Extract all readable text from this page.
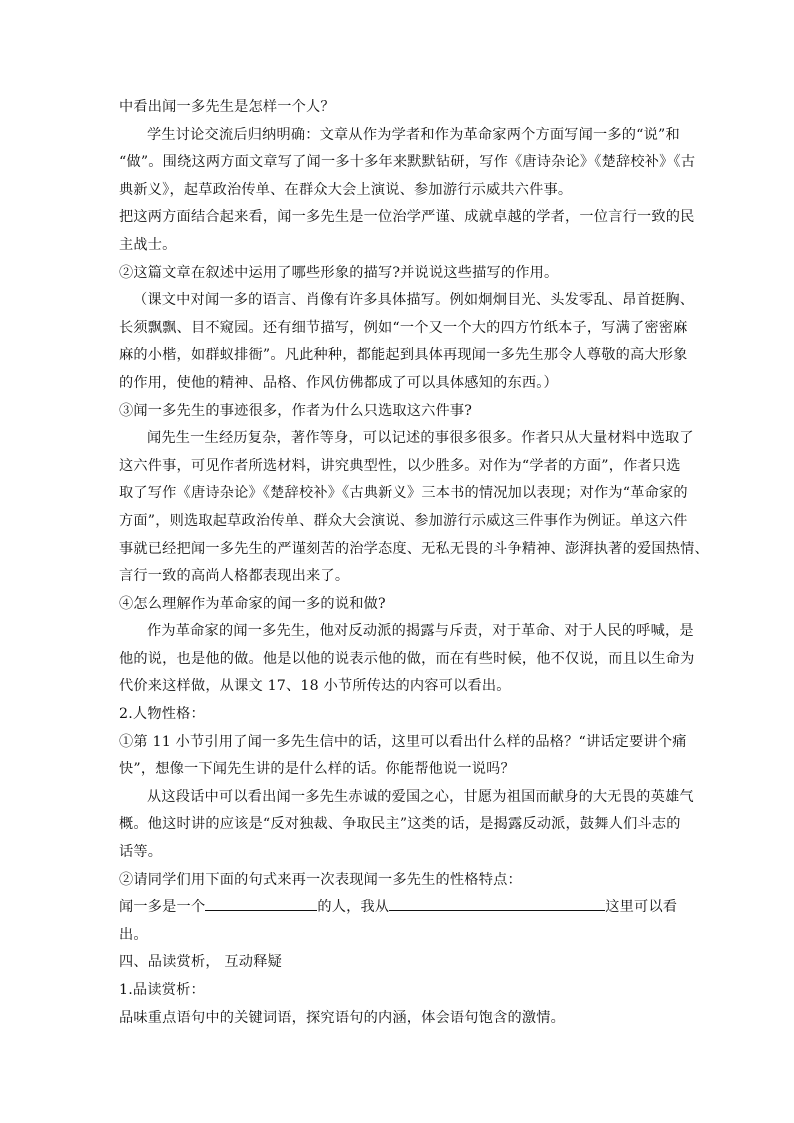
中看出闻一多先生是怎样一个人？
学生讨论交流后归纳明确：文章从作为学者和作为革命家两个方面写闻一多的“说”和
“做”。围绕这两方面文章写了闻一多十多年来默默钻研，写作《唐诗杂论》《楚辞校补》《古
典新义》，起草政治传单、在群众大会上演说、参加游行示威共六件事。
把这两方面结合起来看，闻一多先生是一位治学严谨、成就卓越的学者，一位言行一致的民
主战士。
②这篇文章在叙述中运用了哪些形象的描写?并说说这些描写的作用。
（课文中对闻一多的语言、肖像有许多具体描写。例如炯炯目光、头发零乱、昂首挺胸、
长须飘飘、目不窥园。还有细节描写，例如“一个又一个大的四方竹纸本子，写满了密密麻
麻的小楷，如群蚁排衙”。凡此种种，都能起到具体再现闻一多先生那令人尊敬的高大形象
的作用，使他的精神、品格、作风仿佛都成了可以具体感知的东西。）
③闻一多先生的事迹很多，作者为什么只选取这六件事?
闻先生一生经历复杂，著作等身，可以记述的事很多很多。作者只从大量材料中选取了
这六件事，可见作者所选材料，讲究典型性，以少胜多。对作为“学者的方面”，作者只选
取了写作《唐诗杂论》《楚辞校补》《古典新义》三本书的情况加以表现；对作为“革命家的
方面”，则选取起草政治传单、群众大会演说、参加游行示威这三件事作为例证。单这六件
事就已经把闻一多先生的严谨刻苦的治学态度、无私无畏的斗争精神、澎湃执著的爱国热情、
言行一致的高尚人格都表现出来了。
④怎么理解作为革命家的闻一多的说和做?
作为革命家的闻一多先生，他对反动派的揭露与斥责，对于革命、对于人民的呼喊，是
他的说，也是他的做。他是以他的说表示他的做，而在有些时候，他不仅说，而且以生命为
代价来这样做，从课文 17、18 小节所传达的内容可以看出。
2.人物性格：
①第 11 小节引用了闻一多先生信中的话，这里可以看出什么样的品格？“讲话定要讲个痛
快”，想像一下闻先生讲的是什么样的话。你能帮他说一说吗？
从这段话中可以看出闻一多先生赤诚的爱国之心，甘愿为祖国而献身的大无畏的英雄气
概。他这时讲的应该是“反对独裁、争取民主”这类的话，是揭露反动派，鼓舞人们斗志的
话等。
②请同学们用下面的句式来再一次表现闻一多先生的性格特点：
闻一多是一个	的人，我从	这里可以看
出。
四、品读赏析， 互动释疑
1.品读赏析：
品味重点语句中的关键词语，探究语句的内涵，体会语句饱含的激情。
